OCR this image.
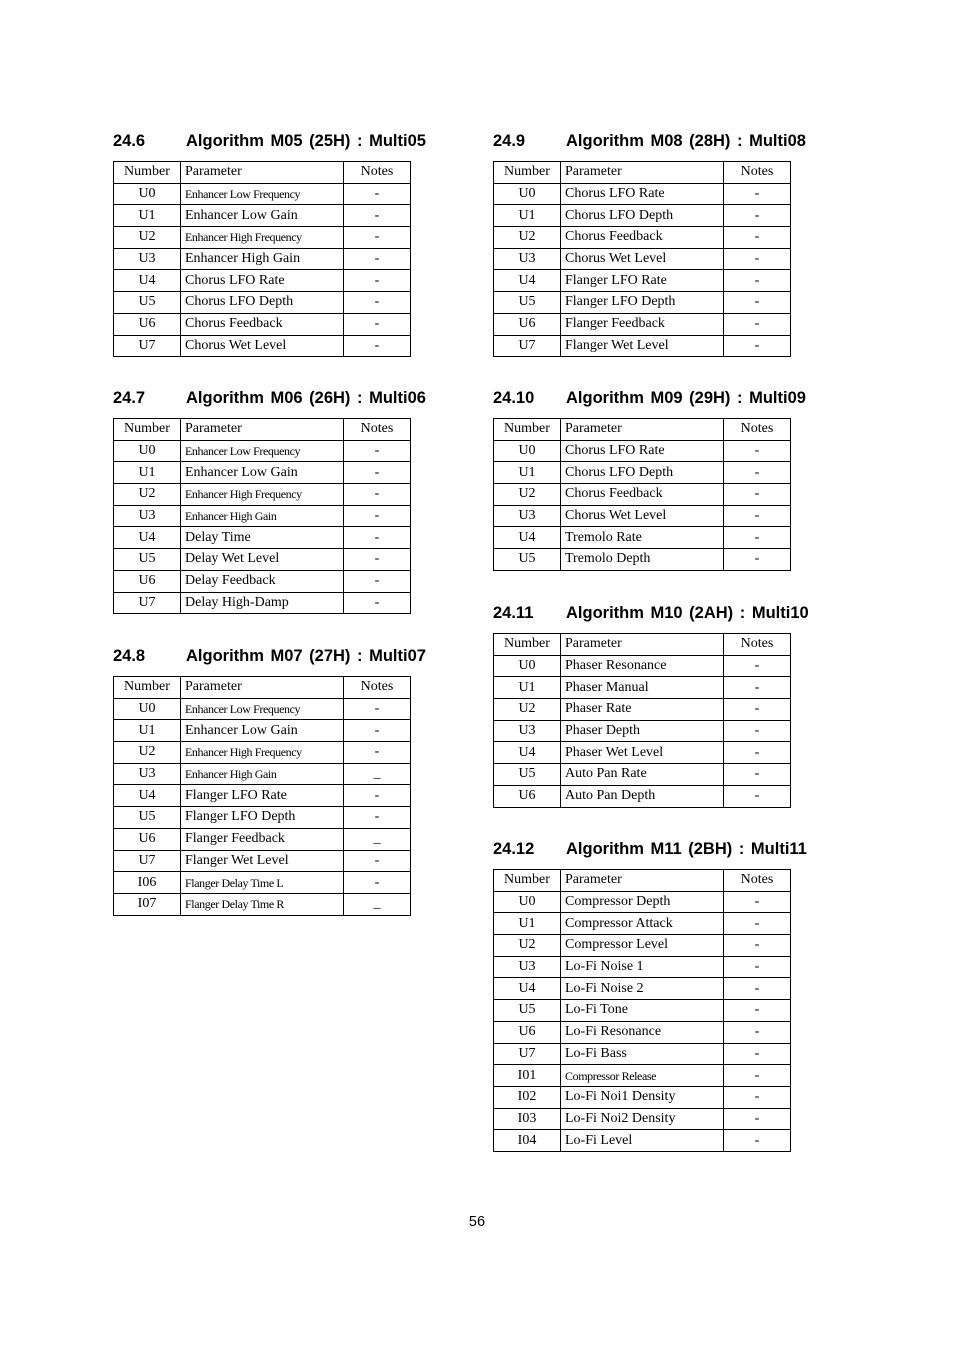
24.6 Algorithm M05 (25H) : Multi05
Number	Parameter	Notes
U0	Enhancer Low Frequency	-
U1	Enhancer Low Gain	-
U2	Enhancer High Frequency	-
U3	Enhancer High Gain	-
U4	Chorus LFO Rate	-
U5	Chorus LFO Depth	-
U6	Chorus Feedback	-
U7	Chorus Wet Level	-
24.7 Algorithm M06 (26H) : Multi06
Number	Parameter	Notes
U0	Enhancer Low Frequency	-
U1	Enhancer Low Gain	-
U2	Enhancer High Frequency	-
U3	Enhancer High Gain	-
U4	Delay Time	-
U5	Delay Wet Level	-
U6	Delay Feedback	-
U7	Delay High-Damp	-
24.8 Algorithm M07 (27H) : Multi07
Number	Parameter	Notes
U0	Enhancer Low Frequency	-
U1	Enhancer Low Gain	-
U2	Enhancer High Frequency	-
U3	Enhancer High Gain	_
U4	Flanger LFO Rate	-
U5	Flanger LFO Depth	-
U6	Flanger Feedback	_
U7	Flanger Wet Level	-
I06	Flanger Delay Time L	-
I07	Flanger Delay Time R	_
24.9 Algorithm M08 (28H) : Multi08
Number	Parameter	Notes
U0	Chorus LFO Rate	-
U1	Chorus LFO Depth	-
U2	Chorus Feedback	-
U3	Chorus Wet Level	-
U4	Flanger LFO Rate	-
U5	Flanger LFO Depth	-
U6	Flanger Feedback	-
U7	Flanger Wet Level	-
24.10 Algorithm M09 (29H) : Multi09
Number	Parameter	Notes
U0	Chorus LFO Rate	-
U1	Chorus LFO Depth	-
U2	Chorus Feedback	-
U3	Chorus Wet Level	-
U4	Tremolo Rate	-
U5	Tremolo Depth	-
24.11 Algorithm M10 (2AH) : Multi10
Number	Parameter	Notes
U0	Phaser Resonance	-
U1	Phaser Manual	-
U2	Phaser Rate	-
U3	Phaser Depth	-
U4	Phaser Wet Level	-
U5	Auto Pan Rate	-
U6	Auto Pan Depth	-
24.12 Algorithm M11 (2BH) : Multi11
Number	Parameter	Notes
U0	Compressor Depth	-
U1	Compressor Attack	-
U2	Compressor Level	-
U3	Lo-Fi Noise 1	-
U4	Lo-Fi Noise 2	-
U5	Lo-Fi Tone	-
U6	Lo-Fi Resonance	-
U7	Lo-Fi Bass	-
I01	Compressor Release	-
I02	Lo-Fi Noi1 Density	-
I03	Lo-Fi Noi2 Density	-
I04	Lo-Fi Level	-
56
